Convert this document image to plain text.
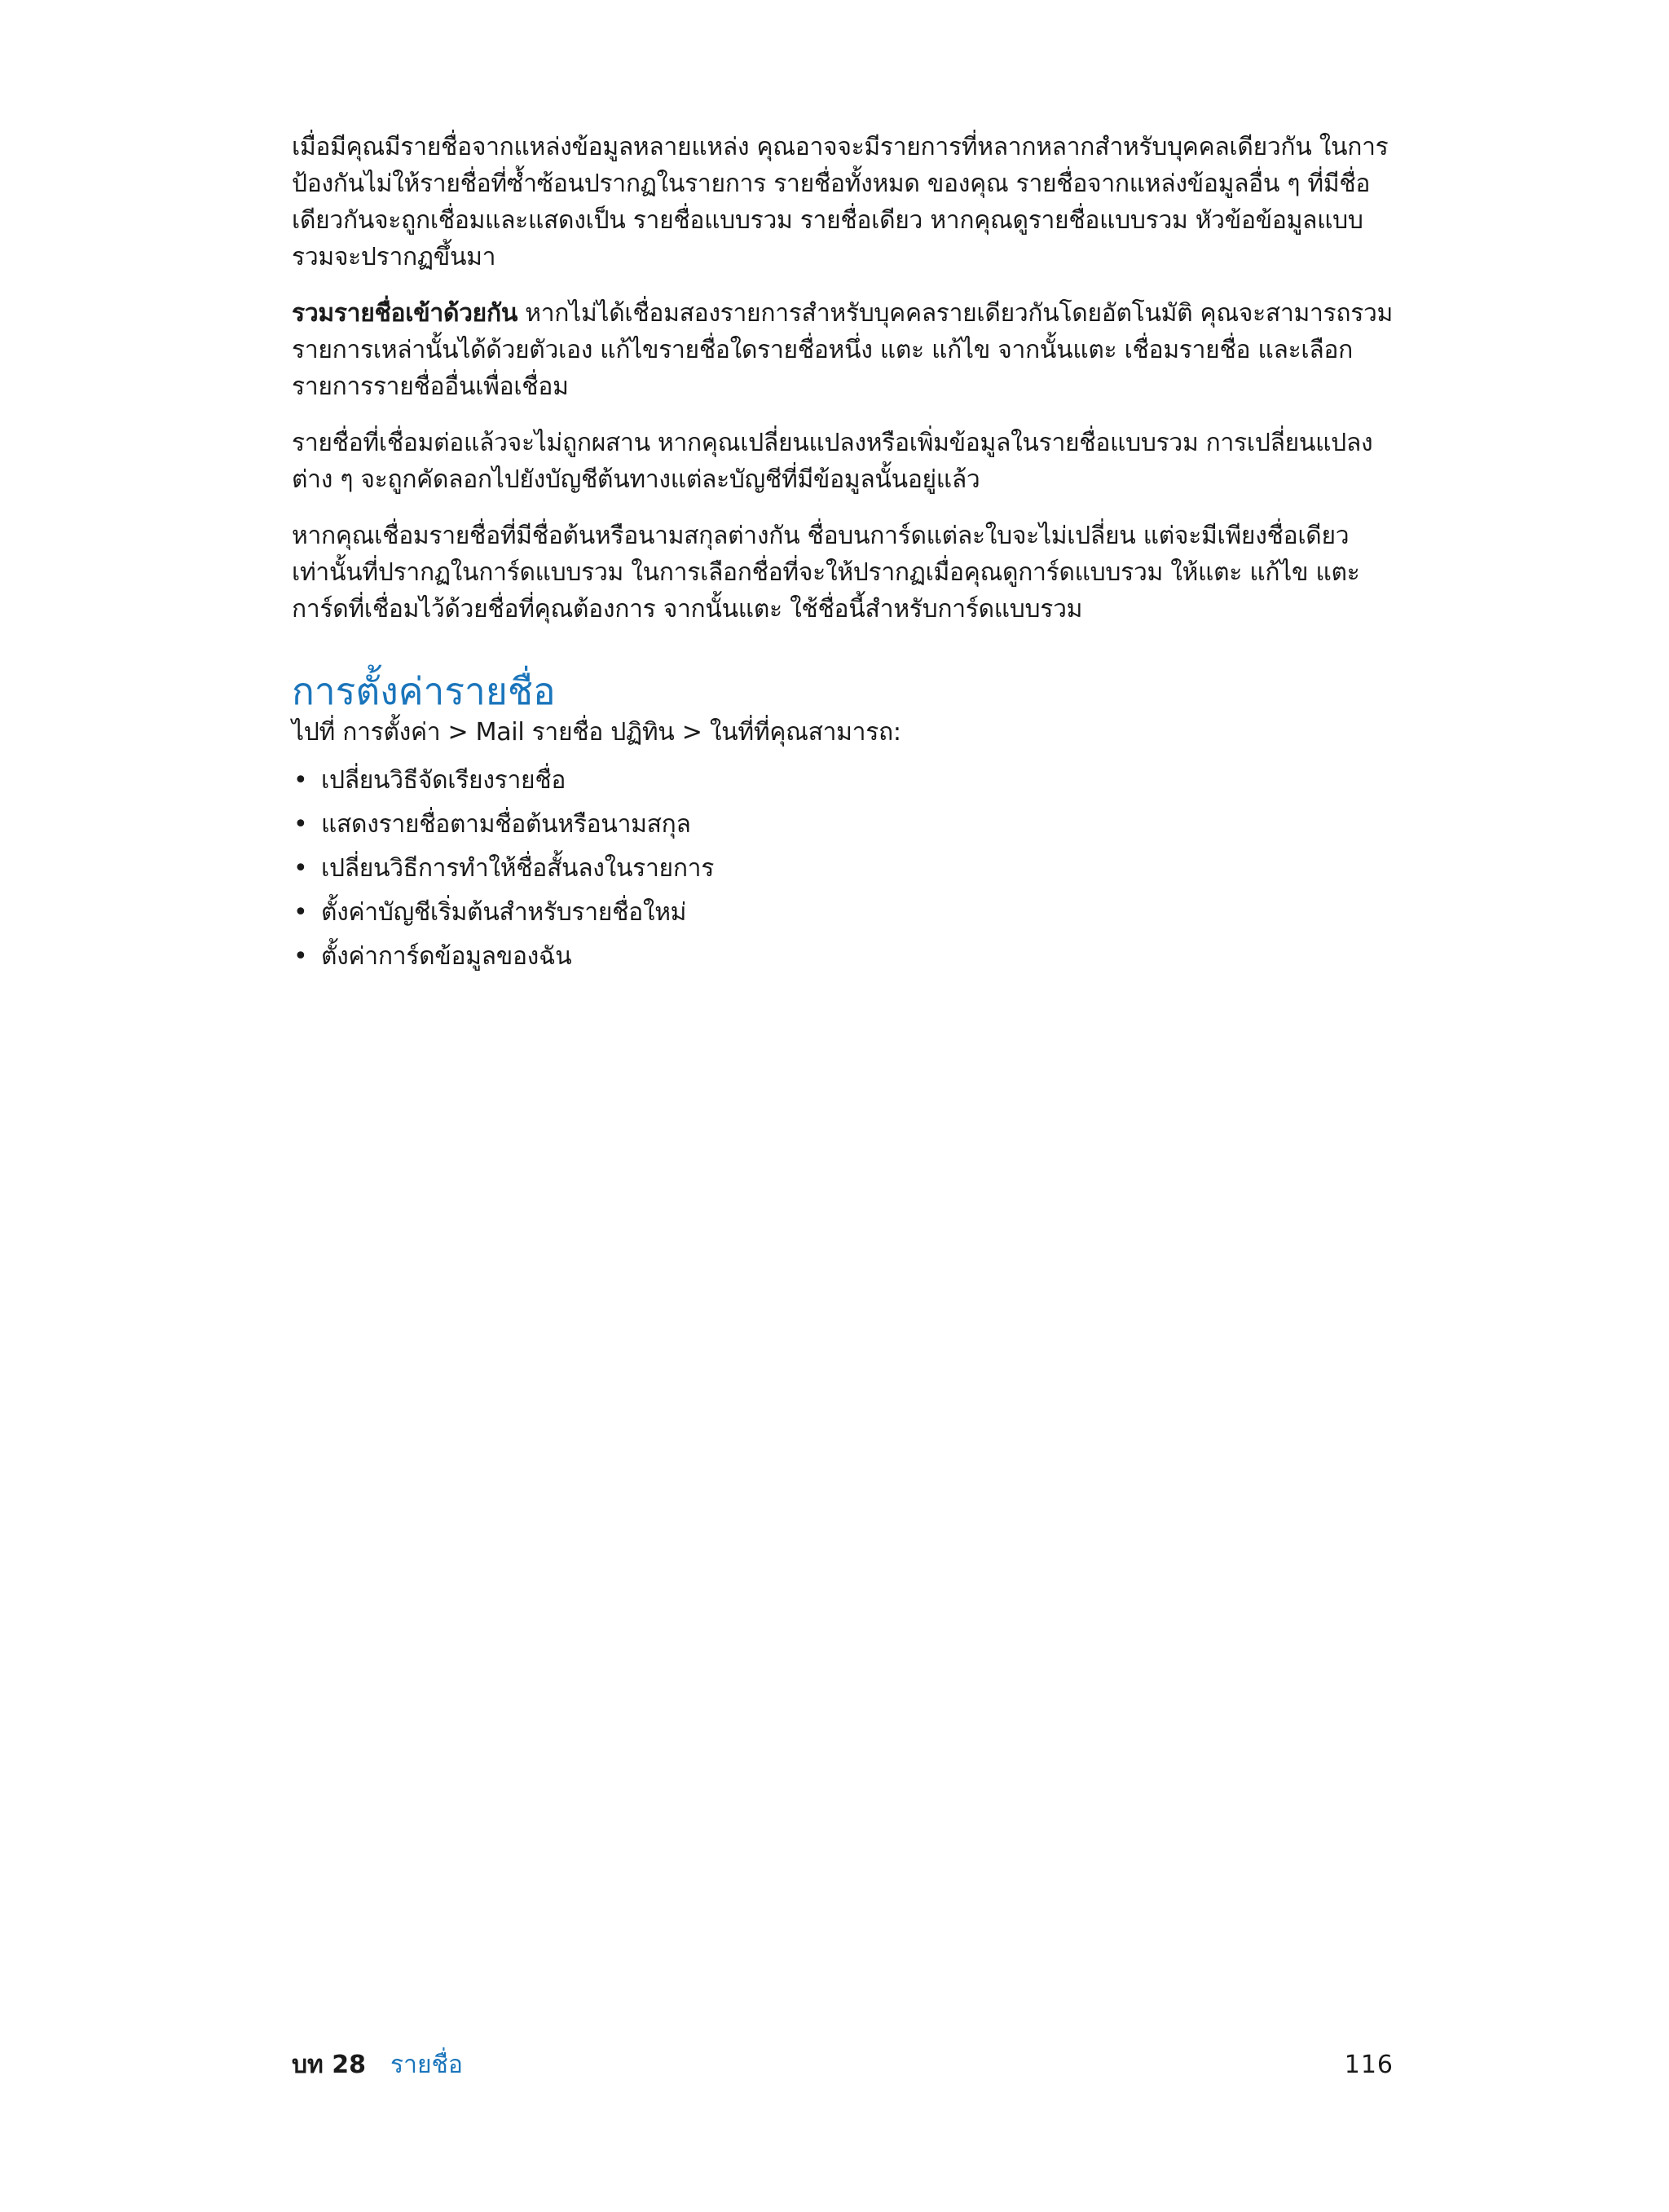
เมื่อมีคุณมีรายชื่อจากแหล่งข้อมูลหลายแหล่ง คุณอาจจะมีรายการที่หลากหลากสำหรับบุคคลเดียวกัน ในการป้องกันไม่ให้รายชื่อที่ซ้ำซ้อนปรากฏในรายการ รายชื่อทั้งหมด ของคุณ รายชื่อจากแหล่งข้อมูลอื่น ๆ ที่มีชื่อเดียวกันจะถูกเชื่อมและแสดงเป็น รายชื่อแบบรวม รายชื่อเดียว หากคุณดูรายชื่อแบบรวม หัวข้อข้อมูลแบบรวมจะปรากฏขึ้นมา

รวมรายชื่อเข้าด้วยกัน หากไม่ได้เชื่อมสองรายการสำหรับบุคคลรายเดียวกันโดยอัตโนมัติ คุณจะสามารถรวมรายการเหล่านั้นได้ด้วยตัวเอง แก้ไขรายชื่อใดรายชื่อหนึ่ง แตะ แก้ไข จากนั้นแตะ เชื่อมรายชื่อ และเลือกรายการรายชื่ออื่นเพื่อเชื่อม

รายชื่อที่เชื่อมต่อแล้วจะไม่ถูกผสาน หากคุณเปลี่ยนแปลงหรือเพิ่มข้อมูลในรายชื่อแบบรวม การเปลี่ยนแปลงต่าง ๆ จะถูกคัดลอกไปยังบัญชีต้นทางแต่ละบัญชีที่มีข้อมูลนั้นอยู่แล้ว

หากคุณเชื่อมรายชื่อที่มีชื่อต้นหรือนามสกุลต่างกัน ชื่อบนการ์ดแต่ละใบจะไม่เปลี่ยน แต่จะมีเพียงชื่อเดียวเท่านั้นที่ปรากฏในการ์ดแบบรวม ในการเลือกชื่อที่จะให้ปรากฏเมื่อคุณดูการ์ดแบบรวม ให้แตะ แก้ไข แตะการ์ดที่เชื่อมไว้ด้วยชื่อที่คุณต้องการ จากนั้นแตะ ใช้ชื่อนี้สำหรับการ์ดแบบรวม

การตั้งค่ารายชื่อ

ไปที่ การตั้งค่า > Mail รายชื่อ ปฏิทิน > ในที่ที่คุณสามารถ:

• เปลี่ยนวิธีจัดเรียงรายชื่อ
• แสดงรายชื่อตามชื่อต้นหรือนามสกุล
• เปลี่ยนวิธีการทำให้ชื่อสั้นลงในรายการ
• ตั้งค่าบัญชีเริ่มต้นสำหรับรายชื่อใหม่
• ตั้งค่าการ์ดข้อมูลของฉัน
บท 28 รายชื่อ	116
